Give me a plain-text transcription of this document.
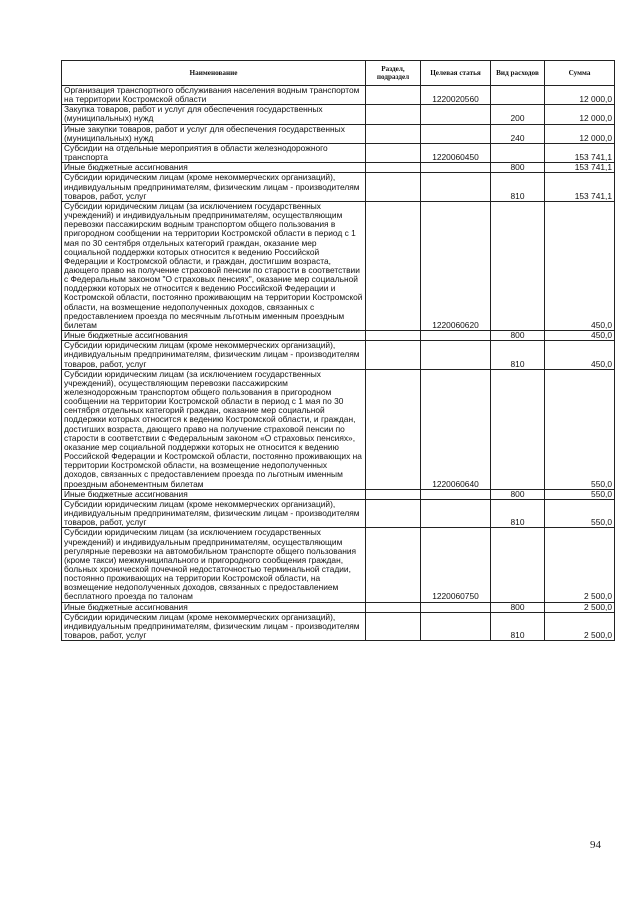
Наименование	Раздел, подраздел	Целевая статья	Вид расходов	Сумма
Организация транспортного обслуживания населения водным транспортом на территории Костромской области		1220020560		12 000,0
Закупка товаров, работ и услуг для обеспечения государственных (муниципальных) нужд			200	12 000,0
Иные закупки товаров, работ и услуг для обеспечения государственных (муниципальных) нужд			240	12 000,0
Субсидии на отдельные мероприятия в области железнодорожного транспорта		1220060450		153 741,1
Иные бюджетные ассигнования			800	153 741,1
Субсидии юридическим лицам (кроме некоммерческих организаций), индивидуальным предпринимателям, физическим лицам - производителям товаров, работ, услуг			810	153 741,1
Субсидии юридическим лицам (за исключением государственных учреждений) и индивидуальным предпринимателям, осуществляющим перевозки пассажирским водным транспортом общего пользования в пригородном сообщении на территории Костромской области в период с 1 мая по 30 сентября отдельных категорий граждан, оказание мер социальной поддержки которых относится к ведению Российской Федерации и Костромской области, и граждан, достигшим возраста, дающего право на получение страховой пенсии по старости в соответствии с Федеральным законом "О страховых пенсиях", оказание мер социальной поддержки которых не относится к ведению Российской Федерации и Костромской области, постоянно проживающим на территории Костромской области, на возмещение недополученных доходов, связанных с предоставлением проезда по месячным льготным именным проездным билетам		1220060620		450,0
Иные бюджетные ассигнования			800	450,0
Субсидии юридическим лицам (кроме некоммерческих организаций), индивидуальным предпринимателям, физическим лицам - производителям товаров, работ, услуг			810	450,0
Субсидии юридическим лицам (за исключением государственных учреждений), осуществляющим перевозки пассажирским железнодорожным транспортом общего пользования в пригородном сообщении на территории Костромской области в период с 1 мая по 30 сентября отдельных категорий граждан, оказание мер социальной поддержки которых относится к ведению Костромской области, и граждан, достигших возраста, дающего право на получение страховой пенсии по старости в соответствии с Федеральным законом «О страховых пенсиях», оказание мер социальной поддержки которых не относится к ведению Российской Федерации и Костромской области, постоянно проживающих на территории Костромской области, на возмещение недополученных доходов, связанных с предоставлением проезда по льготным именным проездным абонементным билетам		1220060640		550,0
Иные бюджетные ассигнования			800	550,0
Субсидии юридическим лицам (кроме некоммерческих организаций), индивидуальным предпринимателям, физическим лицам - производителям товаров, работ, услуг			810	550,0
Субсидии юридическим лицам (за исключением государственных учреждений) и индивидуальным предпринимателям, осуществляющим регулярные перевозки на автомобильном транспорте общего пользования (кроме такси) межмуниципального и пригородного сообщения граждан, больных хронической почечной недостаточностью терминальной стадии, постоянно проживающих на территории Костромской области, на возмещение недополученных доходов, связанных с предоставлением бесплатного проезда по талонам		1220060750		2 500,0
Иные бюджетные ассигнования			800	2 500,0
Субсидии юридическим лицам (кроме некоммерческих организаций), индивидуальным предпринимателям, физическим лицам - производителям товаров, работ, услуг			810	2 500,0
94
